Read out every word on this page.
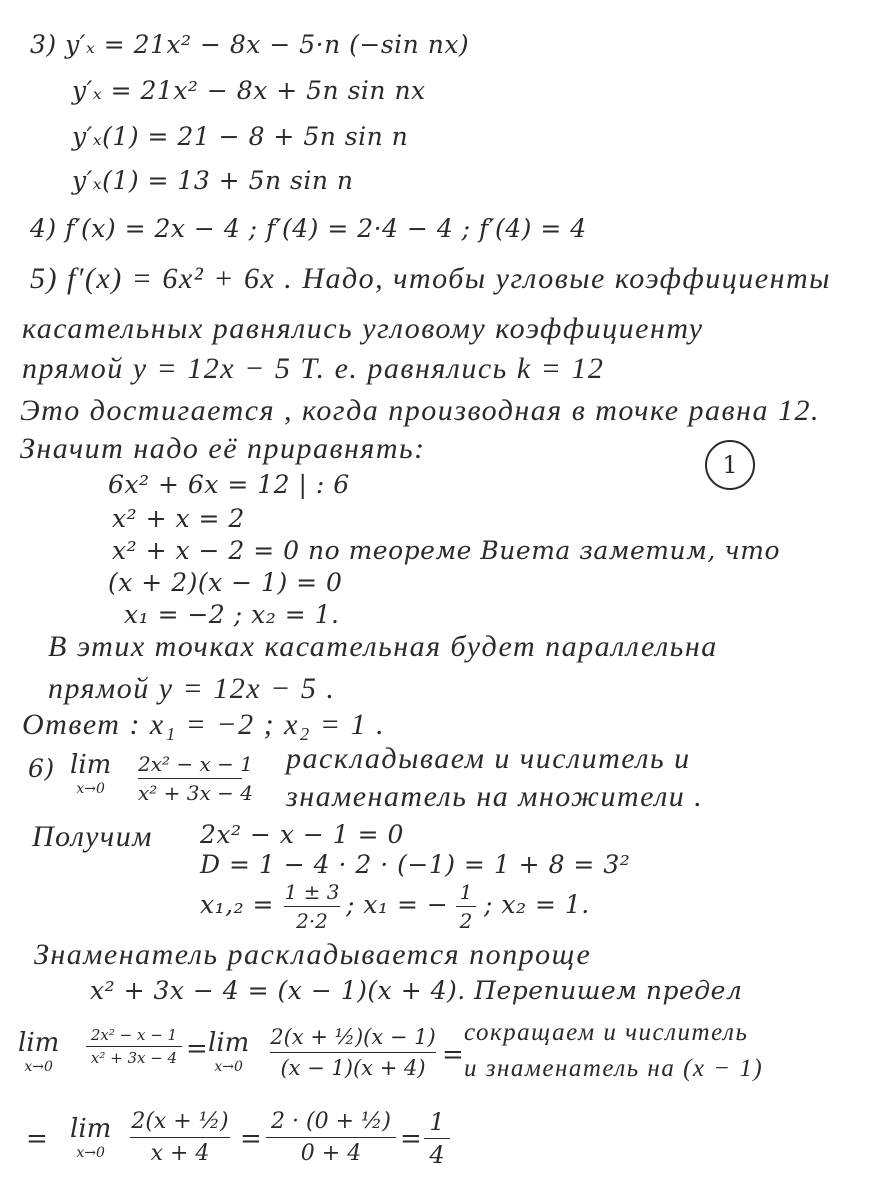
3) y′ₓ = 21x² − 8x − 5·n (−sin nx)
y′ₓ = 21x² − 8x + 5n sin nx
y′ₓ(1) = 21 − 8 + 5n sin n
y′ₓ(1) = 13 + 5n sin n
4) f′(x) = 2x − 4 ; f′(4) = 2·4 − 4 ; f′(4) = 4
5) f′(x) = 6x² + 6x . Надо, чтобы угловые коэффициенты
касательных равнялись угловому коэффициенту
прямой y = 12x − 5 Т. е. равнялись k = 12
Это достигается , когда производная в точке равна 12.
Значит надо её приравнять:	1
6x² + 6x = 12 | : 6
x² + x = 2
x² + x − 2 = 0 по теореме Виета заметим, что
(x + 2)(x − 1) = 0
x₁ = −2 ; x₂ = 1.
В этих точках касательная будет параллельна
прямой y = 12x − 5 .
Ответ : x₁ = −2 ; x₂ = 1 .
6) lim
x→0
2x² − x − 1
x² + 3x − 4
раскладываем и числитель и
знаменатель на множители .
Получим 2x² − x − 1 = 0
D = 1 − 4 · 2 · (−1) = 1 + 8 = 3²
x₁,₂ = 1 ± 3
2·2
; x₁ = − 1
2
; x₂ = 1.
Знаменатель раскладывается попроще
x² + 3x − 4 = (x − 1)(x + 4). Перепишем предел
lim
x→0
2x² − x − 1
x² + 3x − 4 = lim
x→0
2(x + ½)(x − 1)
(x − 1)(x + 4) =
сокращаем и числитель
и знаменатель на (x − 1)
= lim
x→0
2(x + ½)
x + 4	=
2 · (0 + ½)
0 + 4	=
1
4
